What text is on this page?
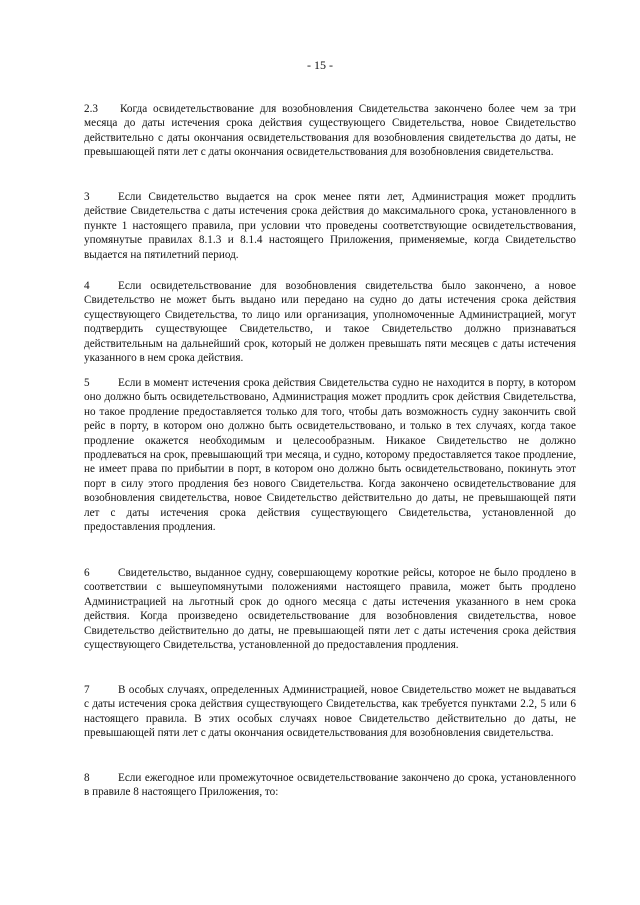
- 15 -

2.3 Когда освидетельствование для возобновления Свидетельства закончено более чем за три месяца до даты истечения срока действия существующего Свидетельства, новое Свидетельство действительно с даты окончания освидетельствования для возобновления свидетельства до даты, не превышающей пяти лет с даты окончания освидетельствования для возобновления свидетельства.

3	Если Свидетельство выдается на срок менее пяти лет, Администрация может продлить действие Свидетельства с даты истечения срока действия до максимального срока, установленного в пункте 1 настоящего правила, при условии что проведены соответствующие освидетельствования, упомянутые правилах 8.1.3 и 8.1.4 настоящего Приложения, применяемые, когда Свидетельство выдается на пятилетний период.

4	Если освидетельствование для возобновления свидетельства было закончено, а новое Свидетельство не может быть выдано или передано на судно до даты истечения срока действия существующего Свидетельства, то лицо или организация, уполномоченные Администрацией, могут подтвердить существующее Свидетельство, и такое Свидетельство должно признаваться действительным на дальнейший срок, который не должен превышать пяти месяцев с даты истечения указанного в нем срока действия.

5	Если в момент истечения срока действия Свидетельства судно не находится в порту, в котором оно должно быть освидетельствовано, Администрация может продлить срок действия Свидетельства, но такое продление предоставляется только для того, чтобы дать возможность судну закончить свой рейс в порту, в котором оно должно быть освидетельствовано, и только в тех случаях, когда такое продление окажется необходимым и целесообразным. Никакое Свидетельство не должно продлеваться на срок, превышающий три месяца, и судно, которому предоставляется такое продление, не имеет права по прибытии в порт, в котором оно должно быть освидетельствовано, покинуть этот порт в силу этого продления без нового Свидетельства. Когда закончено освидетельствование для возобновления свидетельства, новое Свидетельство действительно до даты, не превышающей пяти лет с даты истечения срока действия существующего Свидетельства, установленной до предоставления продления.

6	Свидетельство, выданное судну, совершающему короткие рейсы, которое не было продлено в соответствии с вышеупомянутыми положениями настоящего правила, может быть продлено Администрацией на льготный срок до одного месяца с даты истечения указанного в нем срока действия. Когда произведено освидетельствование для возобновления свидетельства, новое Свидетельство действительно до даты, не превышающей пяти лет с даты истечения срока действия существующего Свидетельства, установленной до предоставления продления.

7	В особых случаях, определенных Администрацией, новое Свидетельство может не выдаваться с даты истечения срока действия существующего Свидетельства, как требуется пунктами 2.2, 5 или 6 настоящего правила. В этих особых случаях новое Свидетельство действительно до даты, не превышающей пяти лет с даты окончания освидетельствования для возобновления свидетельства.

8	Если ежегодное или промежуточное освидетельствование закончено до срока, установленного в правиле 8 настоящего Приложения, то:
